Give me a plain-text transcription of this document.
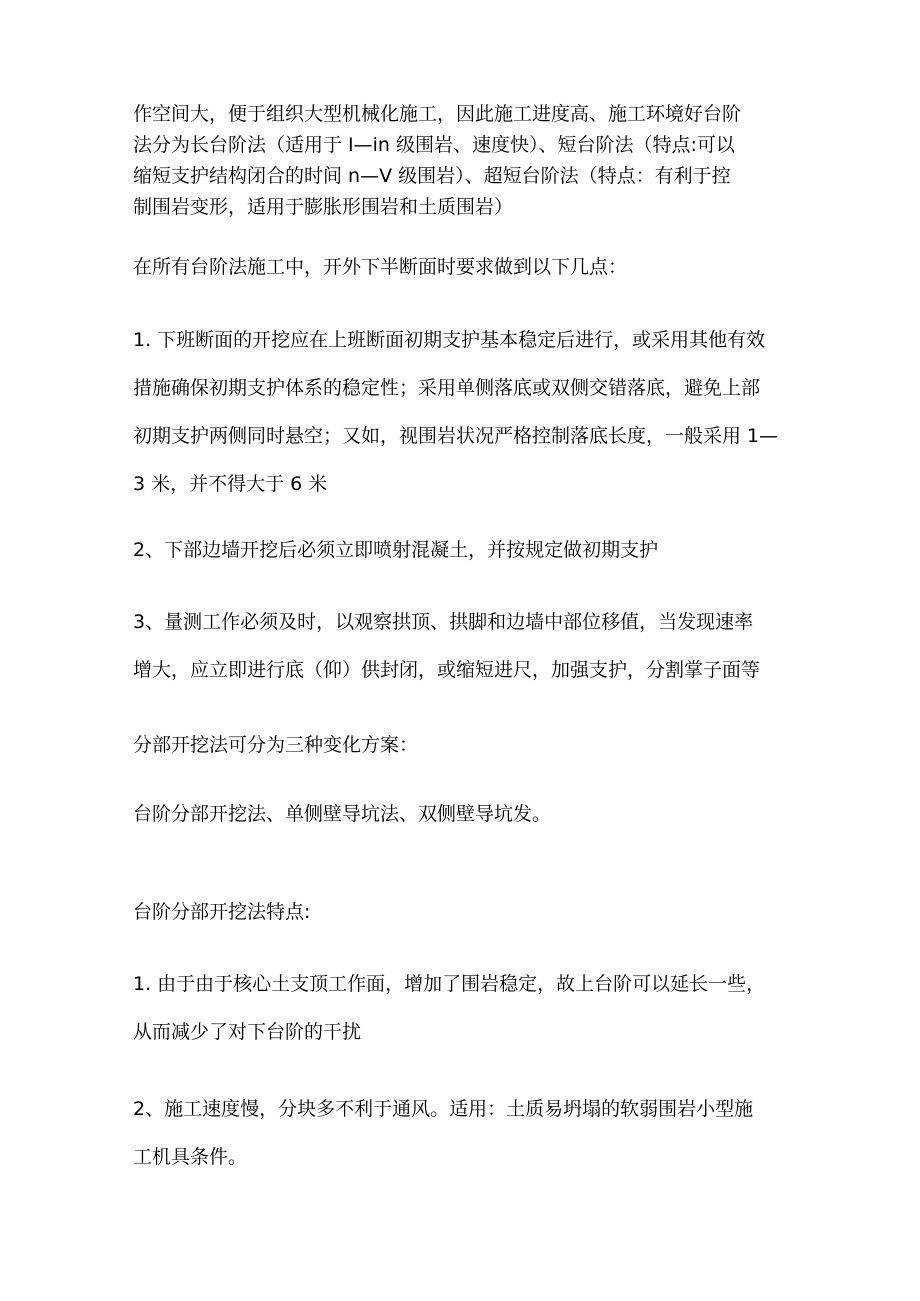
作空间大，便于组织大型机械化施工，因此施工进度高、施工环境好台阶
法分为长台阶法（适用于 I—in 级围岩、速度快）、短台阶法（特点:可以
缩短支护结构闭合的时间 n—V 级围岩）、超短台阶法（特点：有利于控
制围岩变形，适用于膨胀形围岩和土质围岩）

在所有台阶法施工中，开外下半断面时要求做到以下几点：

1. 下班断面的开挖应在上班断面初期支护基本稳定后进行，或采用其他有效
措施确保初期支护体系的稳定性；采用单侧落底或双侧交错落底，避免上部
初期支护两侧同时悬空；又如，视围岩状况严格控制落底长度，一般采用 1—
3 米，并不得大于 6 米

2、下部边墙开挖后必须立即喷射混凝土，并按规定做初期支护

3、量测工作必须及时，以观察拱顶、拱脚和边墙中部位移值，当发现速率
增大，应立即进行底（仰）供封闭，或缩短进尺，加强支护，分割掌子面等

分部开挖法可分为三种变化方案：

台阶分部开挖法、单侧壁导坑法、双侧壁导坑发。

台阶分部开挖法特点:

1. 由于由于核心土支顶工作面，增加了围岩稳定，故上台阶可以延长一些，
从而减少了对下台阶的干扰

2、施工速度慢，分块多不利于通风。适用：土质易坍塌的软弱围岩小型施
工机具条件。
